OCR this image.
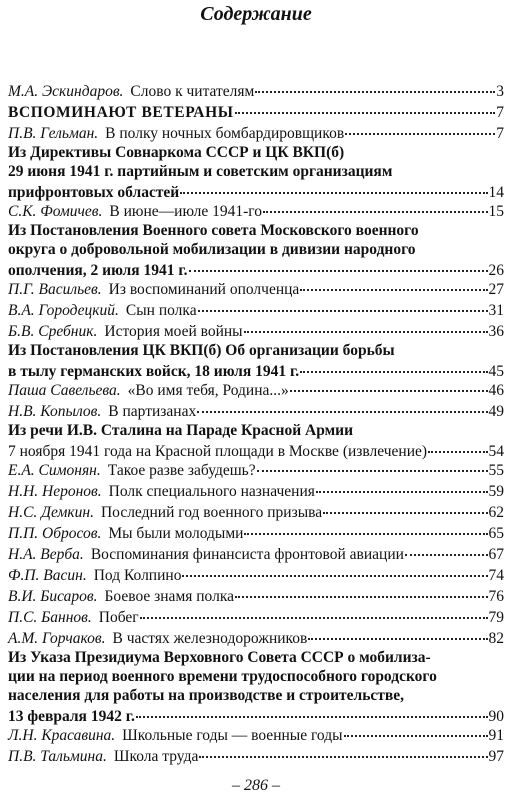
Содержание
М.А. Эскиндаров. Слово к читателям	3
ВСПОМИНАЮТ ВЕТЕРАНЫ	7
П.В. Гельман. В полку ночных бомбардировщиков	7
Из Директивы Совнаркома СССР и ЦК ВКП(б)
29 июня 1941 г. партийным и советским организациям
прифронтовых областей	14
С.К. Фомичев. В июне—июле 1941-го	15
Из Постановления Военного совета Московского военного
округа о добровольной мобилизации в дивизии народного
ополчения, 2 июля 1941 г.	26
П.Г. Васильев. Из воспоминаний ополченца	27
В.А. Городецкий. Сын полка	31
Б.В. Сребник. История моей войны	36
Из Постановления ЦК ВКП(б) Об организации борьбы
в тылу германских войск, 18 июля 1941 г.	45
Паша Савельева. «Во имя тебя, Родина...»	46
Н.В. Копылов. В партизанах	49
Из речи И.В. Сталина на Параде Красной Армии
7 ноября 1941 года на Красной площади в Москве (извлечение)	54
Е.А. Симонян. Такое разве забудешь?	55
Н.Н. Неронов. Полк специального назначения	59
Н.С. Демкин. Последний год военного призыва	62
П.П. Обросов. Мы были молодыми	65
Н.А. Верба. Воспоминания финансиста фронтовой авиации	67
Ф.П. Васин. Под Колпино	74
В.И. Бисаров. Боевое знамя полка	76
П.С. Баннов. Побег	79
А.М. Горчаков. В частях железнодорожников	82
Из Указа Президиума Верховного Совета СССР о мобилиза-
ции на период военного времени трудоспособного городского
населения для работы на производстве и строительстве,
13 февраля 1942 г.	90
Л.Н. Красавина. Школьные годы — военные годы	91
П.В. Тальмина. Школа труда	97
– 286 –
